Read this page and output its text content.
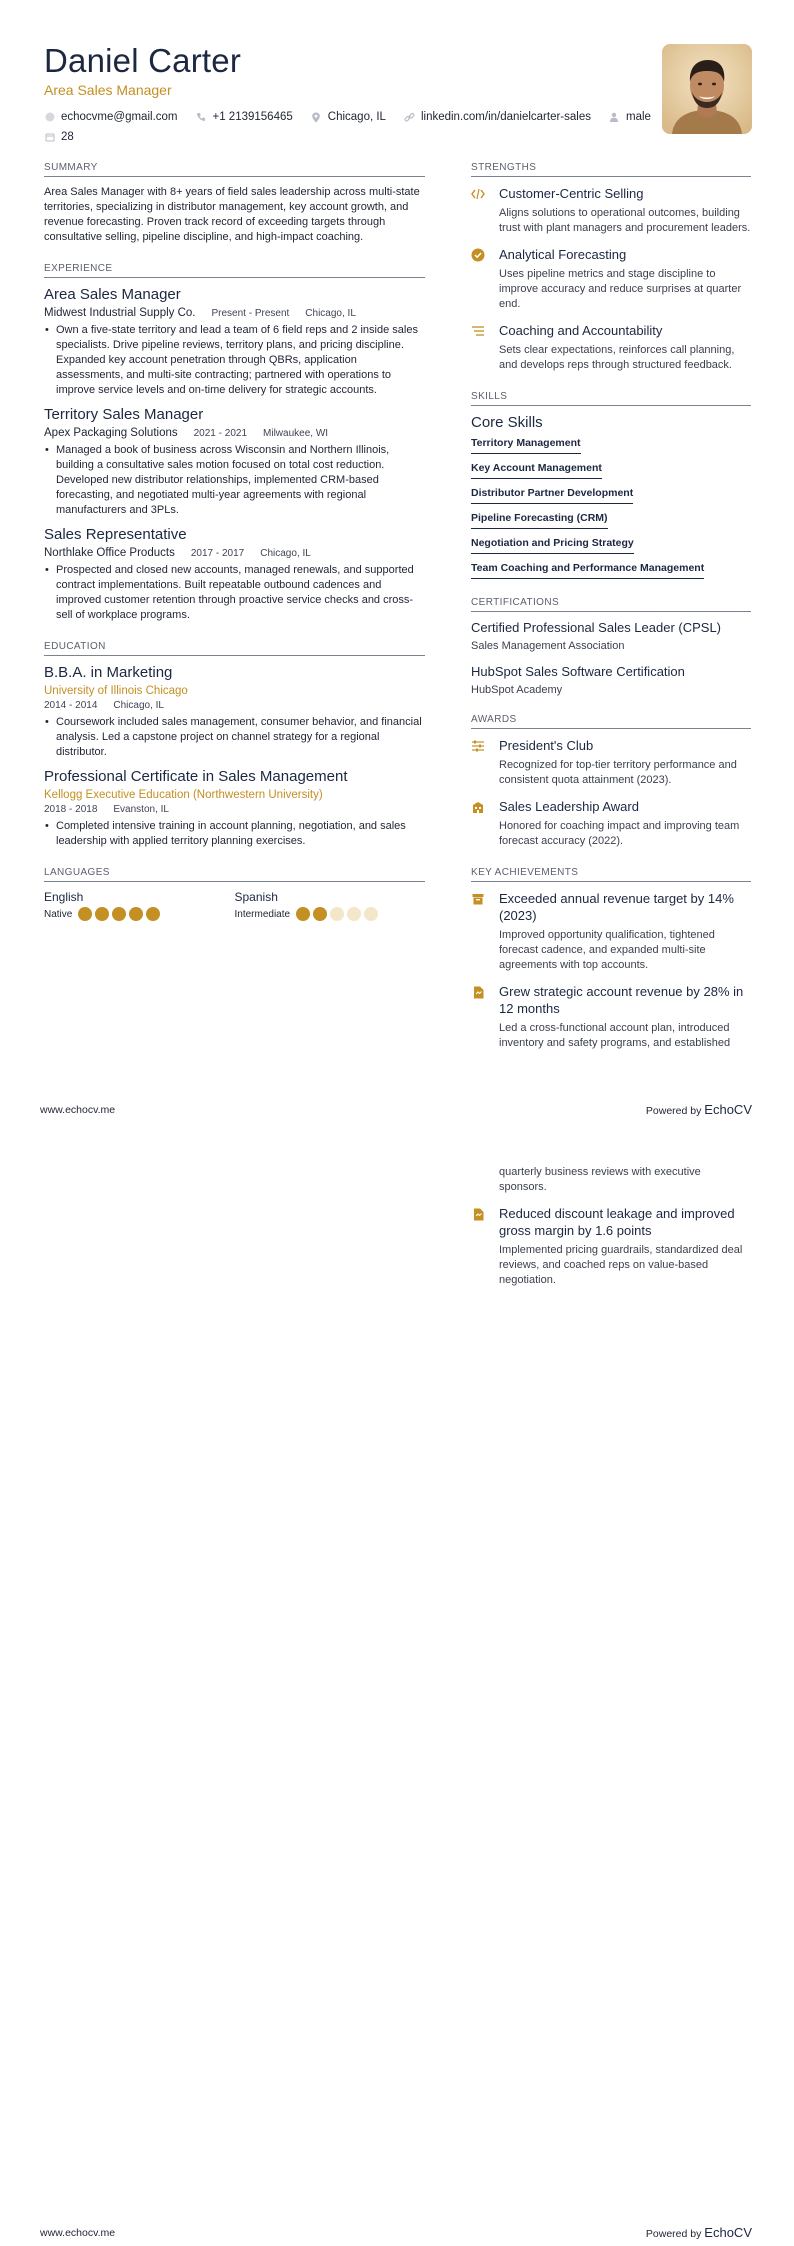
Daniel Carter
Area Sales Manager
echocvme@gmail.com	+1 2139156465	Chicago, IL	linkedin.com/in/danielcarter-sales	male
28
SUMMARY
Area Sales Manager with 8+ years of field sales leadership across multi-state territories, specializing in distributor management, key account growth, and revenue forecasting. Proven track record of exceeding targets through consultative selling, pipeline discipline, and high-impact coaching.
EXPERIENCE
Area Sales Manager
Midwest Industrial Supply Co. Present - Present Chicago, IL
• Own a five-state territory and lead a team of 6 field reps and 2 inside sales specialists. Drive pipeline reviews, territory plans, and pricing discipline. Expanded key account penetration through QBRs, application assessments, and multi-site contracting; partnered with operations to improve service levels and on-time delivery for strategic accounts.
Territory Sales Manager
Apex Packaging Solutions 2021 - 2021 Milwaukee, WI
• Managed a book of business across Wisconsin and Northern Illinois, building a consultative sales motion focused on total cost reduction. Developed new distributor relationships, implemented CRM-based forecasting, and negotiated multi-year agreements with regional manufacturers and 3PLs.
Sales Representative
Northlake Office Products 2017 - 2017 Chicago, IL
• Prospected and closed new accounts, managed renewals, and supported contract implementations. Built repeatable outbound cadences and improved customer retention through proactive service checks and cross-sell of workplace programs.
EDUCATION
B.B.A. in Marketing
University of Illinois Chicago
2014 - 2014 Chicago, IL
• Coursework included sales management, consumer behavior, and financial analysis. Led a capstone project on channel strategy for a regional distributor.
Professional Certificate in Sales Management
Kellogg Executive Education (Northwestern University)
2018 - 2018 Evanston, IL
• Completed intensive training in account planning, negotiation, and sales leadership with applied territory planning exercises.
LANGUAGES
English
Native
Spanish
Intermediate
STRENGTHS
Customer-Centric Selling
Aligns solutions to operational outcomes, building trust with plant managers and procurement leaders.
Analytical Forecasting
Uses pipeline metrics and stage discipline to improve accuracy and reduce surprises at quarter end.
Coaching and Accountability
Sets clear expectations, reinforces call planning, and develops reps through structured feedback.
SKILLS
Core Skills
Territory Management
Key Account Management
Distributor Partner Development
Pipeline Forecasting (CRM)
Negotiation and Pricing Strategy
Team Coaching and Performance Management
CERTIFICATIONS
Certified Professional Sales Leader (CPSL)
Sales Management Association
HubSpot Sales Software Certification
HubSpot Academy
AWARDS
President's Club
Recognized for top-tier territory performance and consistent quota attainment (2023).
Sales Leadership Award
Honored for coaching impact and improving team forecast accuracy (2022).
KEY ACHIEVEMENTS
Exceeded annual revenue target by 14% (2023)
Improved opportunity qualification, tightened forecast cadence, and expanded multi-site agreements with top accounts.
Grew strategic account revenue by 28% in 12 months
Led a cross-functional account plan, introduced inventory and safety programs, and established
www.echocv.me	Powered by EchoCV
quarterly business reviews with executive sponsors.
Reduced discount leakage and improved gross margin by 1.6 points
Implemented pricing guardrails, standardized deal reviews, and coached reps on value-based negotiation.
www.echocv.me	Powered by EchoCV
